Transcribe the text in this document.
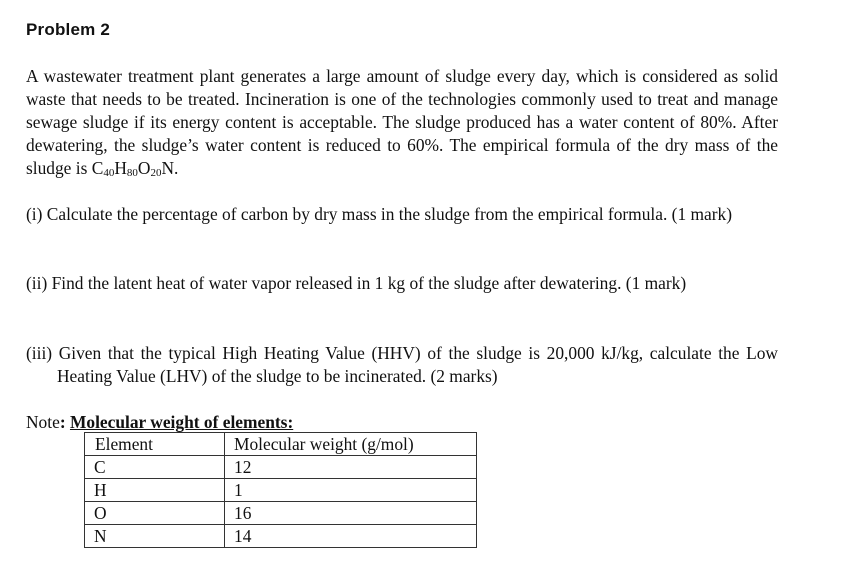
Problem 2

A wastewater treatment plant generates a large amount of sludge every day, which is considered as solid waste that needs to be treated. Incineration is one of the technologies commonly used to treat and manage sewage sludge if its energy content is acceptable. The sludge produced has a water content of 80%. After dewatering, the sludge’s water content is reduced to 60%. The empirical formula of the dry mass of the sludge is $C_{40}H_{80}O_{20}N$.

(i) Calculate the percentage of carbon by dry mass in the sludge from the empirical formula. (1 mark)

(ii) Find the latent heat of water vapor released in 1 kg of the sludge after dewatering. (1 mark)

(iii) Given that the typical High Heating Value (HHV) of the sludge is 20,000 kJ/kg, calculate the Low Heating Value (LHV) of the sludge to be incinerated. (2 marks)

Note: Molecular weight of elements:
Element	Molecular weight (g/mol)
C	12
H	1
O	16
N	14
